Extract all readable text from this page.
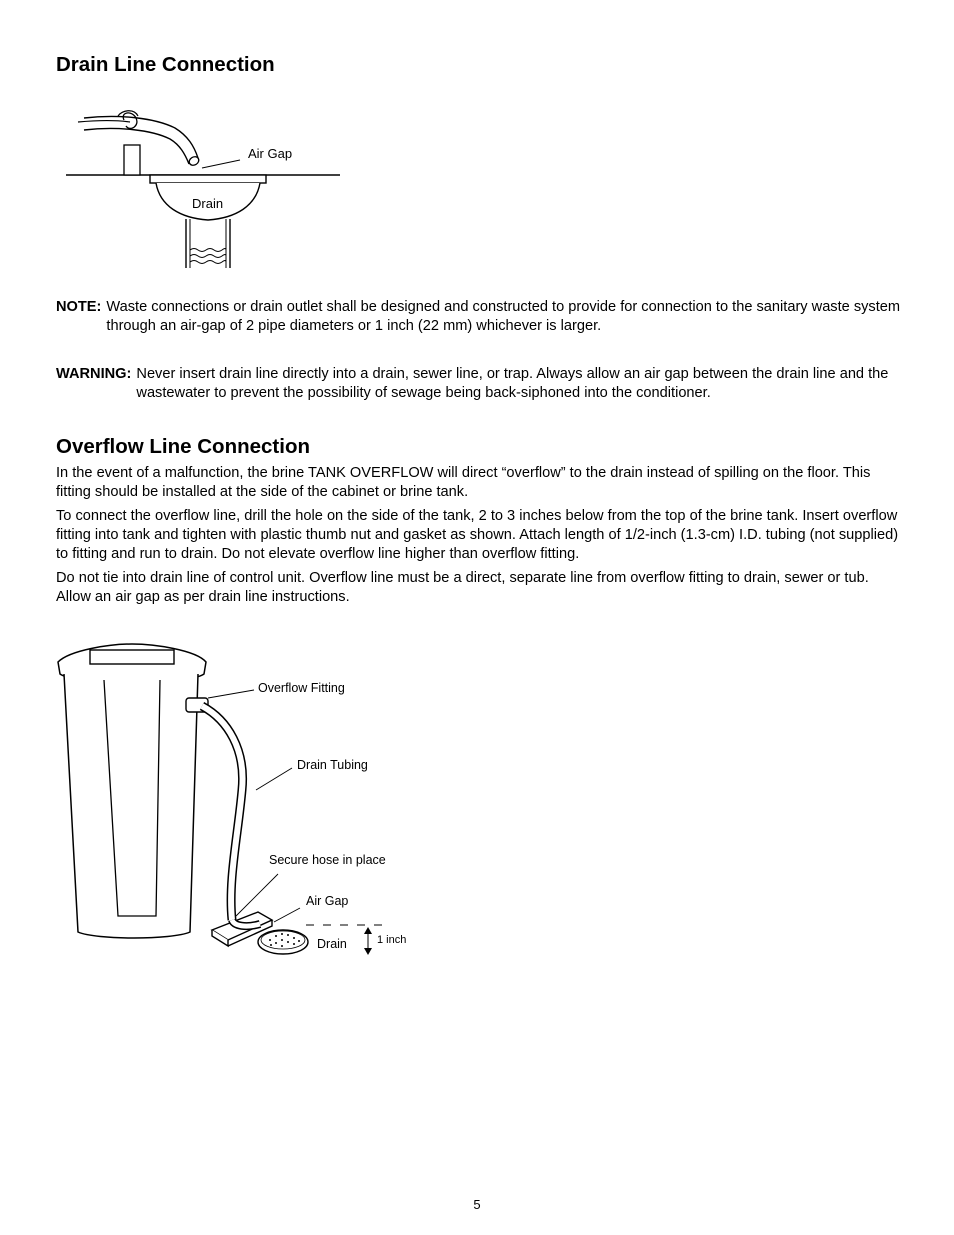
Drain Line Connection
Air Gap
Drain
NOTE: Waste connections or drain outlet shall be designed and constructed to provide for connection to the sanitary waste system through an air-gap of 2 pipe diameters or 1 inch (22 mm) whichever is larger.
WARNING: Never insert drain line directly into a drain, sewer line, or trap. Always allow an air gap between the drain line and the wastewater to prevent the possibility of sewage being back-siphoned into the conditioner.
Overflow Line Connection

In the event of a malfunction, the brine TANK OVERFLOW will direct “overflow” to the drain instead of spilling on the floor. This fitting should be installed at the side of the cabinet or brine tank.

To connect the overflow line, drill the hole on the side of the tank, 2 to 3 inches below from the top of the brine tank. Insert overflow fitting into tank and tighten with plastic thumb nut and gasket as shown. Attach length of 1/2-inch (1.3-cm) I.D. tubing (not supplied) to fitting and run to drain. Do not elevate overflow line higher than overflow fitting.

Do not tie into drain line of control unit. Overflow line must be a direct, separate line from overflow fitting to drain, sewer or tub. Allow an air gap as per drain line instructions.

Overflow Fitting
Drain Tubing
Secure hose in place
Air Gap
Drain	1 inch
5
